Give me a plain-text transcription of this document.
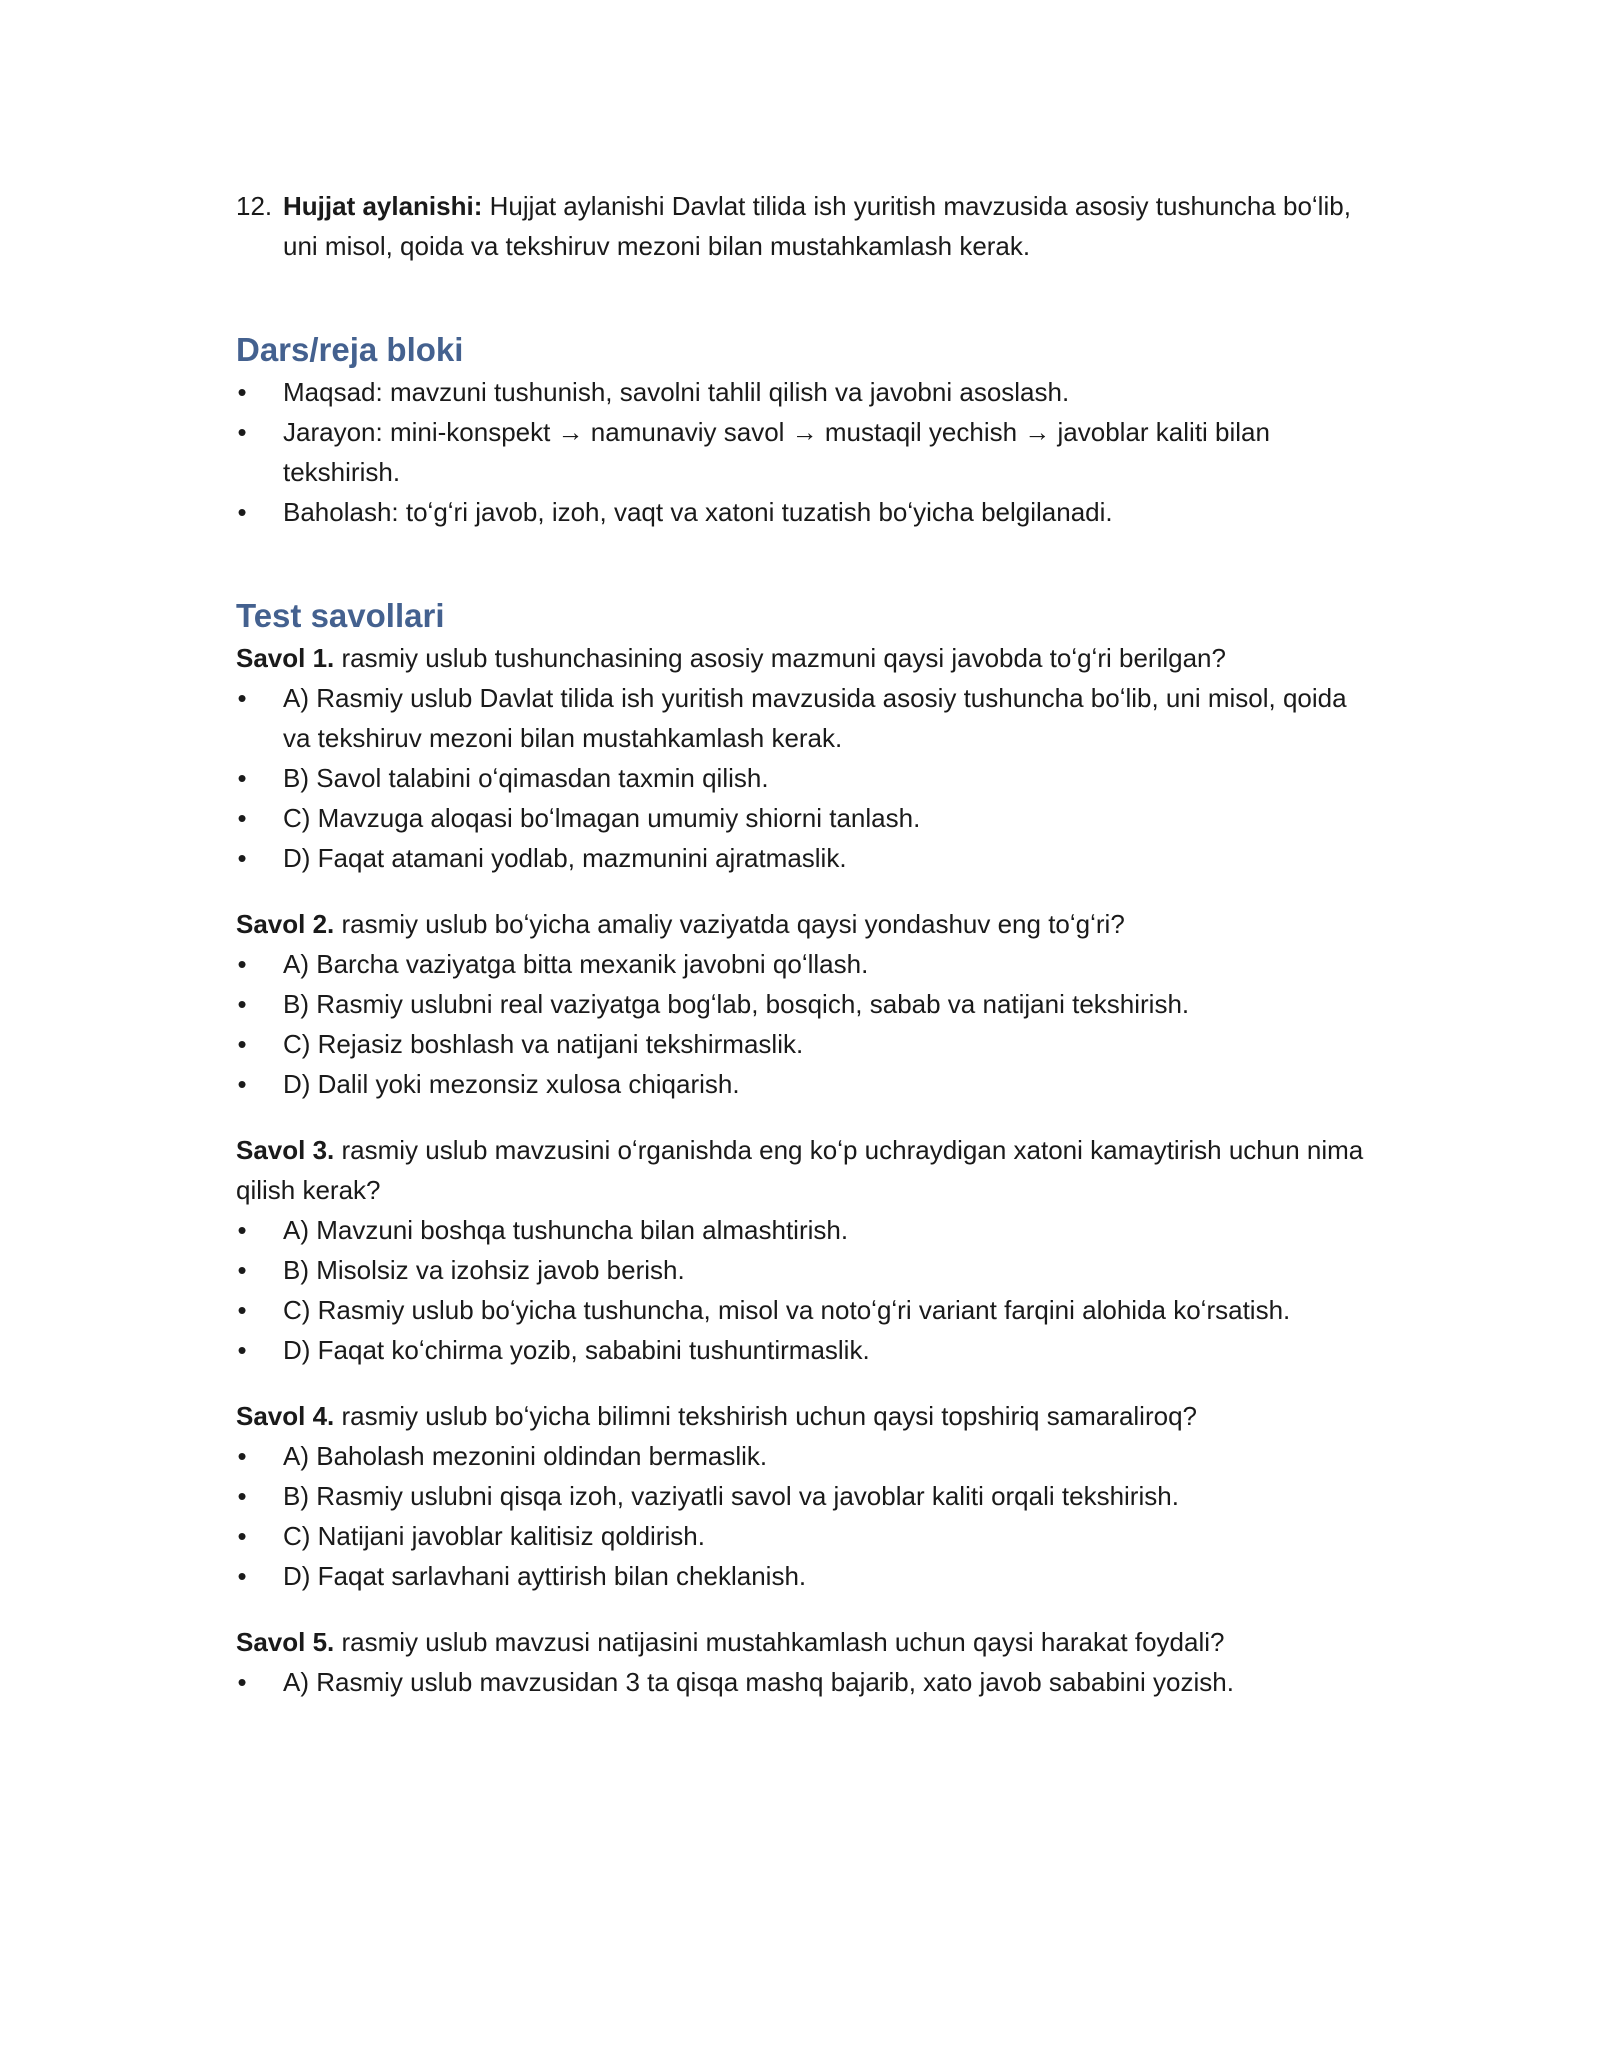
12. Hujjat aylanishi: Hujjat aylanishi Davlat tilida ish yuritish mavzusida asosiy tushuncha boʻlib, uni misol, qoida va tekshiruv mezoni bilan mustahkamlash kerak.

Dars/reja bloki
• Maqsad: mavzuni tushunish, savolni tahlil qilish va javobni asoslash.
• Jarayon: mini-konspekt → namunaviy savol → mustaqil yechish → javoblar kaliti bilan tekshirish.
• Baholash: toʻgʻri javob, izoh, vaqt va xatoni tuzatish boʻyicha belgilanadi.
Test savollari

Savol 1. rasmiy uslub tushunchasining asosiy mazmuni qaysi javobda toʻgʻri berilgan?

• A) Rasmiy uslub Davlat tilida ish yuritish mavzusida asosiy tushuncha boʻlib, uni misol, qoida va tekshiruv mezoni bilan mustahkamlash kerak.
• B) Savol talabini oʻqimasdan taxmin qilish.
• C) Mavzuga aloqasi boʻlmagan umumiy shiorni tanlash.
• D) Faqat atamani yodlab, mazmunini ajratmaslik.

Savol 2. rasmiy uslub boʻyicha amaliy vaziyatda qaysi yondashuv eng toʻgʻri?

• A) Barcha vaziyatga bitta mexanik javobni qoʻllash.
• B) Rasmiy uslubni real vaziyatga bogʻlab, bosqich, sabab va natijani tekshirish.
• C) Rejasiz boshlash va natijani tekshirmaslik.
• D) Dalil yoki mezonsiz xulosa chiqarish.

Savol 3. rasmiy uslub mavzusini oʻrganishda eng koʻp uchraydigan xatoni kamaytirish uchun nima qilish kerak?

• A) Mavzuni boshqa tushuncha bilan almashtirish.
• B) Misolsiz va izohsiz javob berish.
• C) Rasmiy uslub boʻyicha tushuncha, misol va notoʻgʻri variant farqini alohida koʻrsatish.
• D) Faqat koʻchirma yozib, sababini tushuntirmaslik.

Savol 4. rasmiy uslub boʻyicha bilimni tekshirish uchun qaysi topshiriq samaraliroq?

• A) Baholash mezonini oldindan bermaslik.
• B) Rasmiy uslubni qisqa izoh, vaziyatli savol va javoblar kaliti orqali tekshirish.
• C) Natijani javoblar kalitisiz qoldirish.
• D) Faqat sarlavhani ayttirish bilan cheklanish.

Savol 5. rasmiy uslub mavzusi natijasini mustahkamlash uchun qaysi harakat foydali?

• A) Rasmiy uslub mavzusidan 3 ta qisqa mashq bajarib, xato javob sababini yozish.
